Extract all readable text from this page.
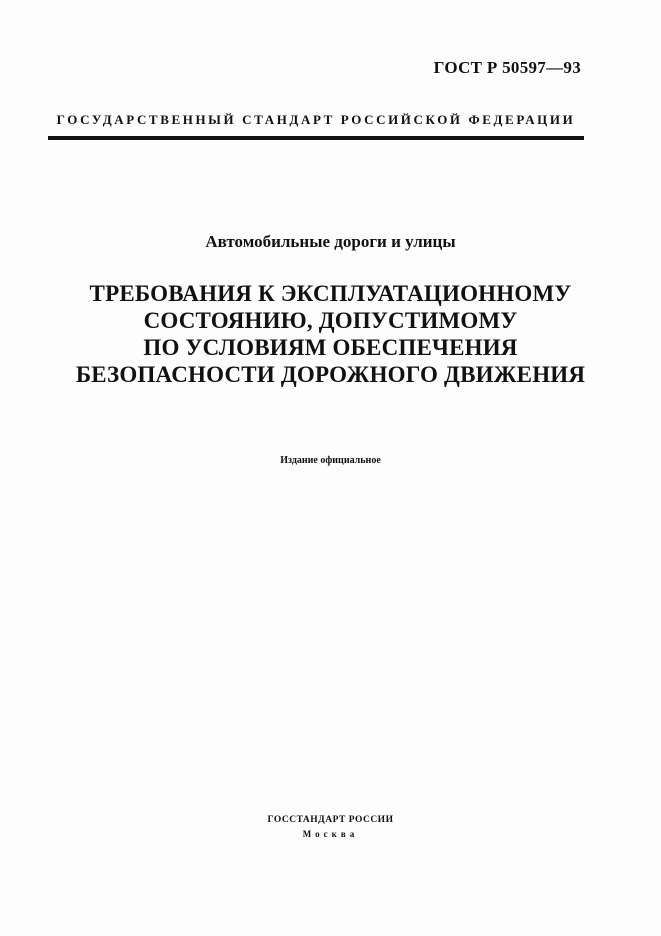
ГОСТ Р 50597—93
ГОСУДАРСТВЕННЫЙ СТАНДАРТ РОССИЙСКОЙ ФЕДЕРАЦИИ
Автомобильные дороги и улицы
ТРЕБОВАНИЯ К ЭКСПЛУАТАЦИОННОМУ
СОСТОЯНИЮ, ДОПУСТИМОМУ
ПО УСЛОВИЯМ ОБЕСПЕЧЕНИЯ
БЕЗОПАСНОСТИ ДОРОЖНОГО ДВИЖЕНИЯ
Издание официальное
ГОССТАНДАРТ РОССИИ
Москва
